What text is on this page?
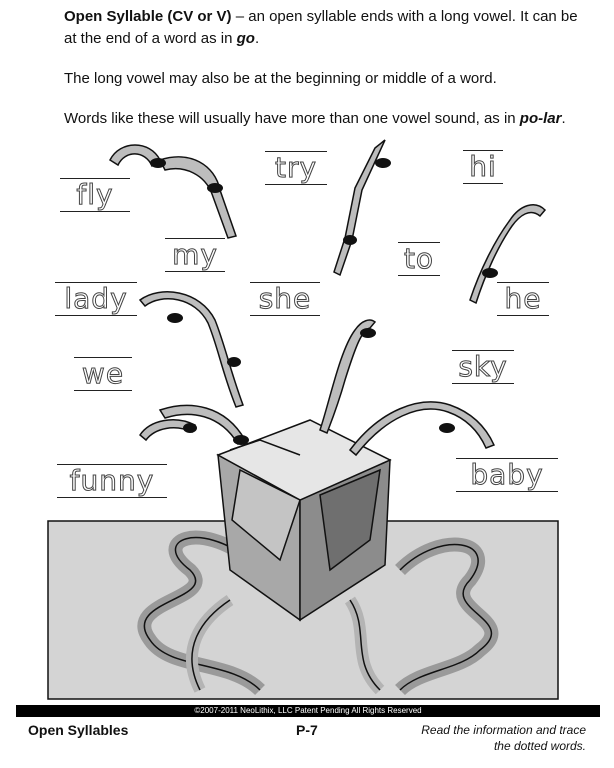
Open Syllable (CV or V) – an open syllable ends with a long vowel. It can be at the end of a word as in go.

The long vowel may also be at the beginning or middle of a word.

Words like these will usually have more than one vowel sound, as in po-lar.

fly
my
lady
we
funny
try
she
hi
to
he
sky
baby
©2007-2011 NeoLithix, LLC Patent Pending All Rights Reserved
Open Syllables	P-7	Read the information and trace the dotted words.
